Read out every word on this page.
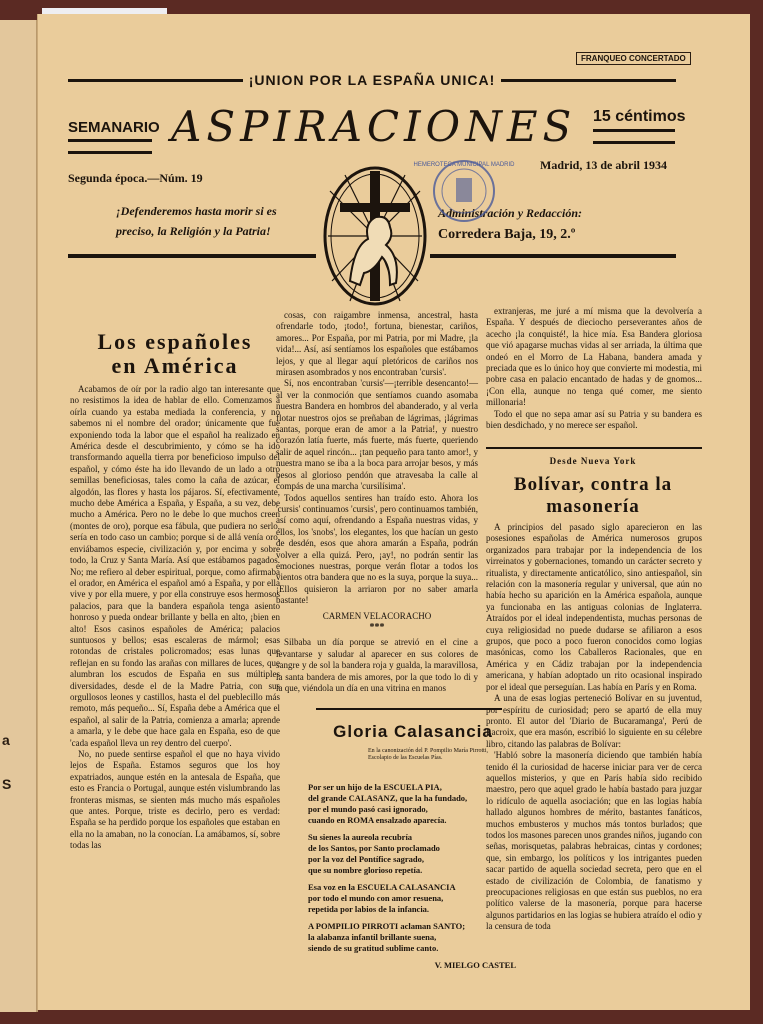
a
S
FRANQUEO CONCERTADO
¡UNION POR LA ESPAÑA UNICA!
SEMANARIO ASPIRACIONES 15 céntimos
Segunda época.—Núm. 19
Madrid, 13 de abril 1934
¡Defenderemos hasta morir si es preciso, la Religión y la Patria!
Administración y Redacción:
Corredera Baja, 19, 2.º
HEMEROTECA MUNICIPAL MADRID
Los españoles
en América

Acabamos de oír por la radio algo tan interesante que no resistimos la idea de hablar de ello. Comenzamos a oírla cuando ya estaba mediada la conferencia, y no sabemos ni el nombre del orador; únicamente que fue exponiendo toda la labor que el español ha realizado en América desde el descubrimiento, y cómo se ha ido transformando aquella tierra por beneficioso impulso del español, y cómo éste ha ido llevando de un lado a otro semillas beneficiosas, tales como la caña de azúcar, el algodón, las flores y hasta los pájaros. Sí, efectivamente, mucho debe América a España, y España, a su vez, debe mucho a América. Pero no le debe lo que muchos creen (montes de oro), porque esa fábula, que pudiera no serlo, sería en todo caso un cambio; porque si de allá venía oro, enviábamos especie, civilización y, por encima y sobre todo, la Cruz y Santa María. Así que estábamos pagados. No; me refiero al deber espiritual, porque, como afirmaba el orador, en América el español amó a España, y por ella vive y por ella muere, y por ella construye esos hermosos palacios, para que la bandera española tenga asiento honroso y pueda ondear brillante y bella en alto, ¡bien en alto! Esos casinos españoles de América; palacios suntuosos y bellos; esas escaleras de mármol; esas rotondas de cristales policromados; esas lunas que reflejan en su fondo las arañas con millares de luces, que alumbran los escudos de España en sus múltiples diversidades, desde el de la Madre Patria, con sus orgullosos leones y castillos, hasta el del pueblecillo más remoto, más pequeño... Sí, España debe a América que el español, al salir de la Patria, comienza a amarla; aprende a amarla, y le debe que hace gala en España, eso de que 'cada español lleva un rey dentro del cuerpo'.

No, no puede sentirse español el que no haya vivido lejos de España. Estamos seguros que los hoy expatriados, aunque estén en la antesala de España, que esto es Francia o Portugal, aunque estén vislumbrando las fronteras mismas, se sienten más mucho más españoles que antes. Porque, triste es decirlo, pero es verdad: España se ha perdido porque los españoles que estaban en ella no la amaban, no la conocían. La amábamos, sí, sobre todas las

cosas, con raigambre inmensa, ancestral, hasta ofrendarle todo, ¡todo!, fortuna, bienestar, cariños, amores... Por España, por mi Patria, por mi Madre, ¡la vida!... Así, así sentíamos los españoles que estábamos lejos, y que al llegar aquí pletóricos de cariños nos mirasen asombrados y nos encontraban 'cursis'.

Sí, nos encontraban 'cursis'—¡terrible desencanto!—al ver la conmoción que sentíamos cuando asomaba nuestra Bandera en hombros del abanderado, y al verla flotar nuestros ojos se preñaban de lágrimas, ¡lágrimas santas, porque eran de amor a la Patria!, y nuestro corazón latía fuerte, más fuerte, más fuerte, queriendo salir de aquel rincón... ¡tan pequeño para tanto amor!, y nuestra mano se iba a la boca para arrojar besos, y más besos al glorioso pendón que atravesaba la calle al compás de una marcha 'cursilísima'.

Todos aquellos sentires han traído esto. Ahora los 'cursis' continuamos 'cursis', pero continuamos también, así como aquí, ofrendando a España nuestras vidas, y ellos, los 'snobs', los elegantes, los que hacían un gesto de desdén, esos que ahora amarán a España, podrán volver a ella quizá. Pero, ¡ay!, no podrán sentir las emociones nuestras, porque verán flotar a todos los vientos otra bandera que no es la suya, porque la suya... ¡Ellos quisieron la arriaron por no saber amarla bastante!

CARMEN VELACORACHO
***

Silbaba un día porque se atrevió en el cine a levantarse y saludar al aparecer en sus colores de sangre y de sol la bandera roja y gualda, la maravillosa, la santa bandera de mis amores, por la que todo lo di y la que, viéndola un día en una vitrina en manos

Gloria Calasancia
En la canonización del P. Pompilio María Pirrotti, Escolapio de las Escuelas Pías.
Por ser un hijo de la ESCUELA PIA,
del grande CALASANZ, que la ha fundado,
por el mundo pasó casi ignorado,
cuando en ROMA ensalzado aparecía.
Su sienes la aureola recubría
de los Santos, por Santo proclamado
por la voz del Pontífice sagrado,
que su nombre glorioso repetía.
Esa voz en la ESCUELA CALASANCIA
por todo el mundo con amor resuena,
repetida por labios de la infancia.
A POMPILIO PIRROTI aclaman SANTO;
la alabanza infantil brillante suena,
siendo de su gratitud sublime canto.
V. MIELGO CASTEL

extranjeras, me juré a mí misma que la devolvería a España. Y después de dieciocho perseverantes años de acecho ¡la conquisté!, la hice mía. Esa Bandera gloriosa que vió apagarse muchas vidas al ser arriada, la última que ondeó en el Morro de La Habana, bandera amada y preciada que es lo único hoy que convierte mi modestia, mi pobre casa en palacio encantado de hadas y de gnomos... ¡Con ella, aunque no tenga qué comer, me siento millonaria!

Todo el que no sepa amar así su Patria y su bandera es bien desdichado, y no merece ser español.

Desde Nueva York
Bolívar, contra la
masonería

A principios del pasado siglo aparecieron en las posesiones españolas de América numerosos grupos organizados para trabajar por la independencia de los virreinatos y gobernaciones, tomando un carácter secreto y ritualista, y directamente anticatólico, sino antiespañol, sin relación con la masonería regular y universal, que aún no había hecho su aparición en la América española, aunque ya funcionaba en las antiguas colonias de Inglaterra. Atraídos por el ideal independentista, muchas personas de cuya religiosidad no puede dudarse se afiliaron a esos grupos, que poco a poco fueron conocidos como logias masónicas, como los Caballeros Racionales, que en América y en Cádiz trabajan por la independencia americana, y habían adoptado un rito ocasional inspirado por el ideal que perseguían. Las había en París y en Roma.

A una de esas logias perteneció Bolívar en su juventud, por espíritu de curiosidad; pero se apartó de ella muy pronto. El autor del 'Diario de Bucaramanga', Perú de Lacroix, que era masón, escribió lo siguiente en su célebre libro, citando las palabras de Bolívar:

'Habló sobre la masonería diciendo que también había tenido él la curiosidad de hacerse iniciar para ver de cerca aquellos misterios, y que en París había sido recibido maestro, pero que aquel grado le había bastado para juzgar lo ridículo de aquella asociación; que en las logias había hallado algunos hombres de mérito, bastantes fanáticos, muchos embusteros y muchos más tontos burlados; que todos los masones parecen unos grandes niños, jugando con señas, morisquetas, palabras hebraicas, cintas y cordones; que, sin embargo, los políticos y los intrigantes pueden sacar partido de aquella sociedad secreta, pero que en el estado de civilización de Colombia, de fanatismo y preocupaciones religiosas en que están sus pueblos, no era político valerse de la masonería, porque para hacerse algunos partidarios en las logias se hubiera atraído el odio y la censura de toda
